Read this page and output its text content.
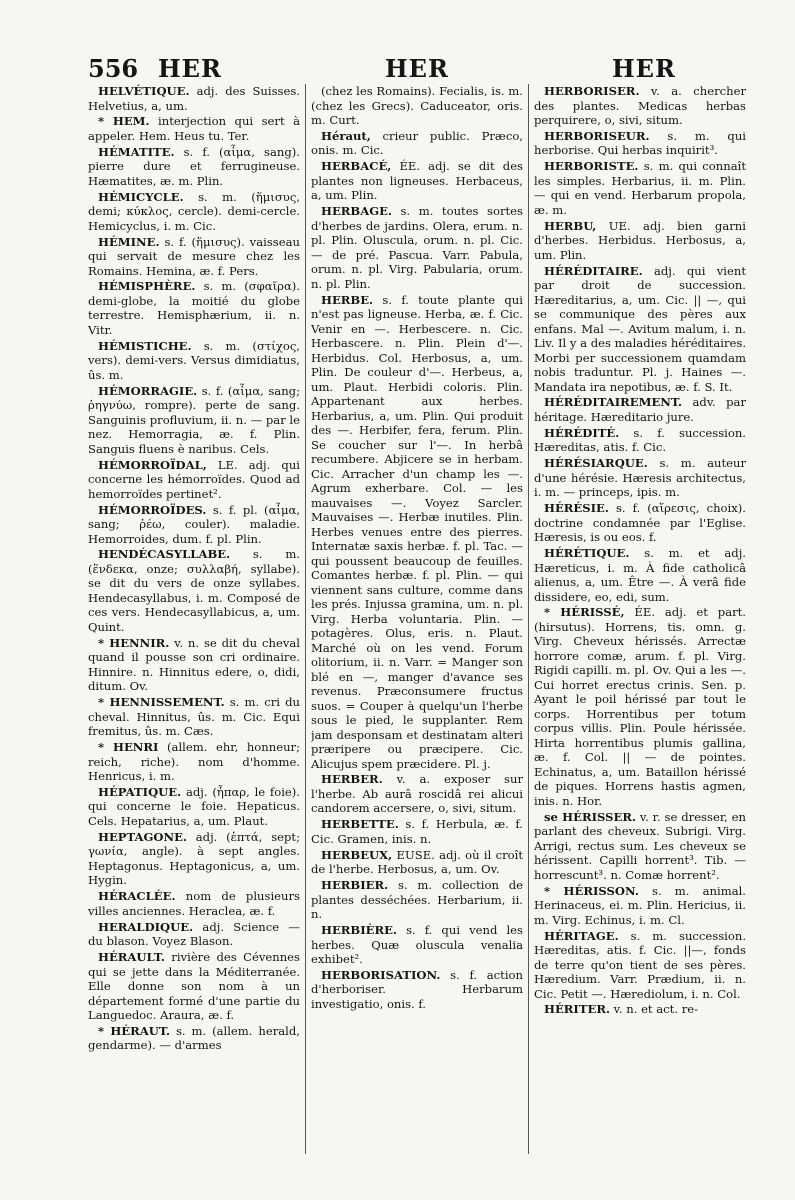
556 HER	HER	HER

HELVÉTIQUE. adj. des Suisses. Helvetius, a, um.

* HEM. interjection qui sert à appeler. Hem. Heus tu. Ter.

HÉMATITE. s. f. (αἷμα, sang). pierre dure et ferrugineuse. Hæmatites, æ. m. Plin.

HÉMICYCLE. s. m. (ἥμισυς, demi; κύκλος, cercle). demi-cercle. Hemicyclus, i. m. Cic.

HÉMINE. s. f. (ἥμισυς). vaisseau qui servait de mesure chez les Romains. Hemina, æ. f. Pers.

HÉMISPHÈRE. s. m. (σφαῖρα). demi-globe, la moitié du globe terrestre. Hemisphærium, ii. n. Vitr.

HÉMISTICHE. s. m. (στίχος, vers). demi-vers. Versus dimidiatus, ûs. m.

HÉMORRAGIE. s. f. (αἷμα, sang; ῥηγνύω, rompre). perte de sang. Sanguinis profluvium, ii. n. — par le nez. Hemorragia, æ. f. Plin. Sanguis fluens è naribus. Cels.

HÉMORROÏDAL, LE. adj. qui concerne les hémorroïdes. Quod ad hemorroïdes pertinet².

HÉMORROÏDES. s. f. pl. (αἷμα, sang; ῥέω, couler). maladie. Hemorroides, dum. f. pl. Plin.

HENDÉCASYLLABE. s. m. (ἕνδεκα, onze; συλλαβή, syllabe). se dit du vers de onze syllabes. Hendecasyllabus, i. m. Composé de ces vers. Hendecasyllabicus, a, um. Quint.

* HENNIR. v. n. se dit du cheval quand il pousse son cri ordinaire. Hinnire. n. Hinnitus edere, o, didi, ditum. Ov.

* HENNISSEMENT. s. m. cri du cheval. Hinnitus, ûs. m. Cic. Equi fremitus, ûs. m. Cæs.

* HENRI (allem. ehr, honneur; reich, riche). nom d'homme. Henricus, i. m.

HÉPATIQUE. adj. (ἧπαρ, le foie). qui concerne le foie. Hepaticus. Cels. Hepatarius, a, um. Plaut.

HEPTAGONE. adj. (ἑπτά, sept; γωνία, angle). à sept angles. Heptagonus. Heptagonicus, a, um. Hygin.

HÉRACLÉE. nom de plusieurs villes anciennes. Heraclea, æ. f.

HERALDIQUE. adj. Science — du blason. Voyez Blason.

HÉRAULT. rivière des Cévennes qui se jette dans la Méditerranée. Elle donne son nom à un département formé d'une partie du Languedoc. Araura, æ. f.

* HÉRAUT. s. m. (allem. herald, gendarme). — d'armes

(chez les Romains). Fecialis, is. m. (chez les Grecs). Caduceator, oris. m. Curt.

Héraut, crieur public. Præco, onis. m. Cic.

HERBACÉ, ÉE. adj. se dit des plantes non ligneuses. Herbaceus, a, um. Plin.

HERBAGE. s. m. toutes sortes d'herbes de jardins. Olera, erum. n. pl. Plin. Oluscula, orum. n. pl. Cic. — de pré. Pascua. Varr. Pabula, orum. n. pl. Virg. Pabularia, orum. n. pl. Plin.

HERBE. s. f. toute plante qui n'est pas ligneuse. Herba, æ. f. Cic. Venir en —. Herbescere. n. Cic. Herbascere. n. Plin. Plein d'—. Herbidus. Col. Herbosus, a, um. Plin. De couleur d'—. Herbeus, a, um. Plaut. Herbidi coloris. Plin. Appartenant aux herbes. Herbarius, a, um. Plin. Qui produit des —. Herbifer, fera, ferum. Plin. Se coucher sur l'—. In herbâ recumbere. Abjicere se in herbam. Cic. Arracher d'un champ les —. Agrum exherbare. Col. — les mauvaises —. Voyez Sarcler. Mauvaises —. Herbæ inutiles. Plin. Herbes venues entre des pierres. Internatæ saxis herbæ. f. pl. Tac. — qui poussent beaucoup de feuilles. Comantes herbæ. f. pl. Plin. — qui viennent sans culture, comme dans les prés. Injussa gramina, um. n. pl. Virg. Herba voluntaria. Plin. — potagères. Olus, eris. n. Plaut. Marché où on les vend. Forum olitorium, ii. n. Varr. = Manger son blé en —, manger d'avance ses revenus. Præconsumere fructus suos. = Couper à quelqu'un l'herbe sous le pied, le supplanter. Rem jam desponsam et destinatam alteri præripere ou præcipere. Cic. Alicujus spem præcidere. Pl. j.

HERBER. v. a. exposer sur l'herbe. Ab aurâ roscidâ rei alicui candorem accersere, o, sivi, situm.

HERBETTE. s. f. Herbula, æ. f. Cic. Gramen, inis. n.

HERBEUX, EUSE. adj. où il croît de l'herbe. Herbosus, a, um. Ov.

HERBIER. s. m. collection de plantes desséchées. Herbarium, ii. n.

HERBIÈRE. s. f. qui vend les herbes. Quæ oluscula venalia exhibet².

HERBORISATION. s. f. action d'herboriser. Herbarum investigatio, onis. f.

HERBORISER. v. a. chercher des plantes. Medicas herbas perquirere, o, sivi, situm.

HERBORISEUR. s. m. qui herborise. Qui herbas inquirit³.

HERBORISTE. s. m. qui connaît les simples. Herbarius, ii. m. Plin. — qui en vend. Herbarum propola, æ. m.

HERBU, UE. adj. bien garni d'herbes. Herbidus. Herbosus, a, um. Plin.

HÉRÉDITAIRE. adj. qui vient par droit de succession. Hæreditarius, a, um. Cic. || —, qui se communique des pères aux enfans. Mal —. Avitum malum, i. n. Liv. Il y a des maladies héréditaires. Morbi per successionem quamdam nobis traduntur. Pl. j. Haines —. Mandata ira nepotibus, æ. f. S. It.

HÉRÉDITAIREMENT. adv. par héritage. Hæreditario jure.

HÉRÉDITÉ. s. f. succession. Hæreditas, atis. f. Cic.

HÉRÉSIARQUE. s. m. auteur d'une hérésie. Hæresis architectus, i. m. — princeps, ipis. m.

HÉRÉSIE. s. f. (αἵρεσις, choix). doctrine condamnée par l'Eglise. Hæresis, is ou eos. f.

HÉRÉTIQUE. s. m. et adj. Hæreticus, i. m. À fide catholicâ alienus, a, um. Être —. À verâ fide dissidere, eo, edi, sum.

* HÉRISSÉ, ÉE. adj. et part. (hirsutus). Horrens, tis. omn. g. Virg. Cheveux hérissés. Arrectæ horrore comæ, arum. f. pl. Virg. Rigidi capilli. m. pl. Ov. Qui a les —. Cui horret erectus crinis. Sen. p. Ayant le poil hérissé par tout le corps. Horrentibus per totum corpus villis. Plin. Poule hérissée. Hirta horrentibus plumis gallina, æ. f. Col. || — de pointes. Echinatus, a, um. Bataillon hérissé de piques. Horrens hastis agmen, inis. n. Hor.

se HÉRISSER. v. r. se dresser, en parlant des cheveux. Subrigi. Virg. Arrigi, rectus sum. Les cheveux se hérissent. Capilli horrent³. Tib. — horrescunt³. n. Comæ horrent².

* HÉRISSON. s. m. animal. Herinaceus, ei. m. Plin. Hericius, ii. m. Virg. Echinus, i. m. Cl.

HÉRITAGE. s. m. succession. Hæreditas, atis. f. Cic. ||—, fonds de terre qu'on tient de ses pères. Hæredium. Varr. Prædium, ii. n. Cic. Petit —. Hærediolum, i. n. Col.

HÉRITER. v. n. et act. re-
